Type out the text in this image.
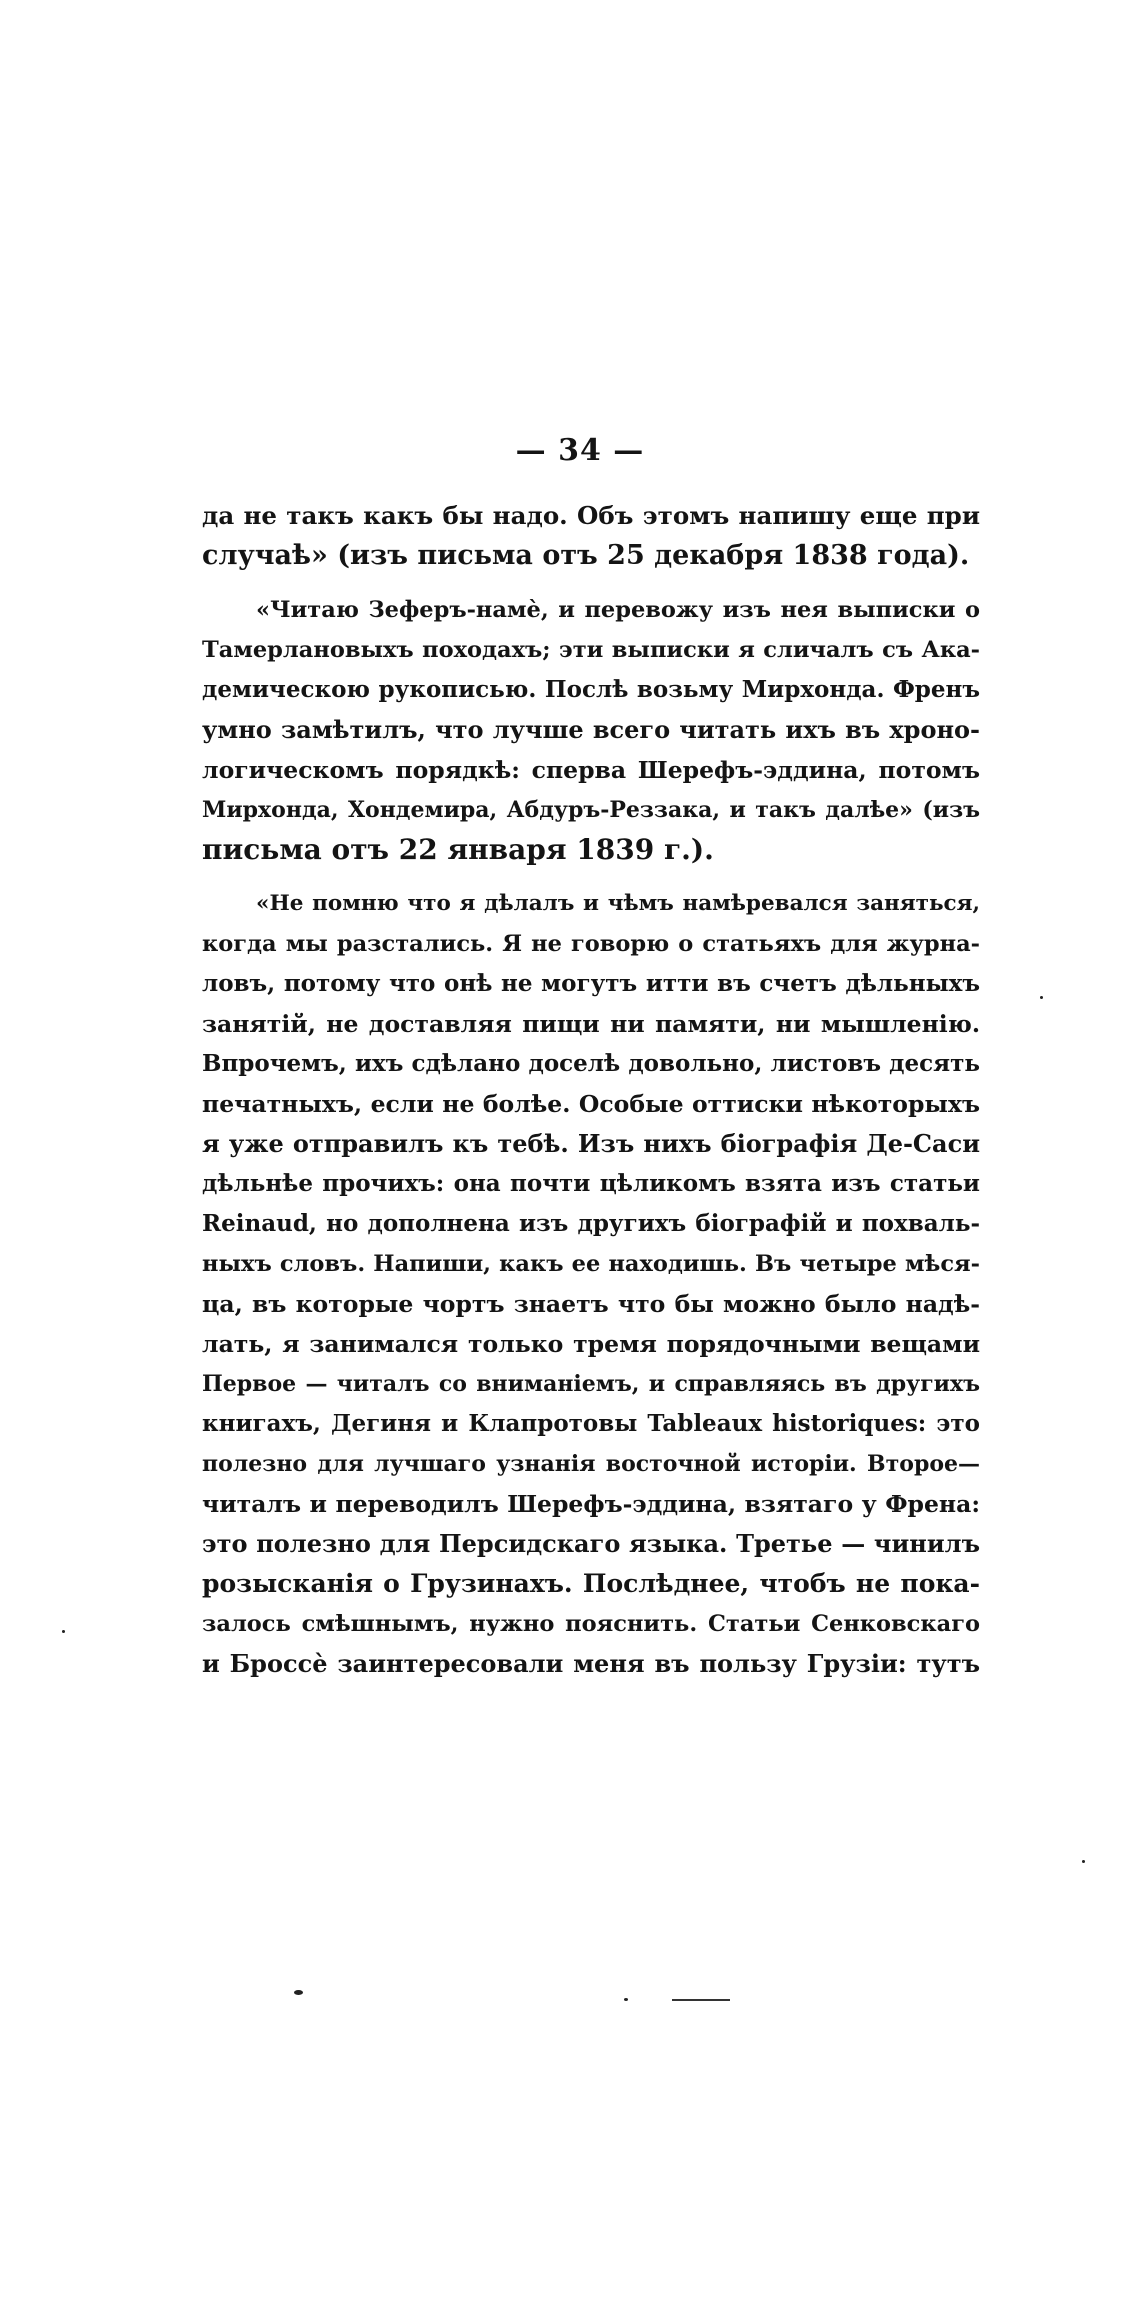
— 34 —

да не такъ какъ бы надо. Объ этомъ напишу еще при
случаѣ» (изъ письма отъ 25 декабря 1838 года).
«Читаю Зеферъ-намѐ, и перевожу изъ нея выписки о
Тамерлановыхъ походахъ; эти выписки я сличалъ съ Ака-
демическою рукописью. Послѣ возьму Мирхонда. Френъ
умно замѣтилъ, что лучше всего читать ихъ въ хроно-
логическомъ порядкѣ: сперва Шерефъ-эддина, потомъ
Мирхонда, Хондемира, Абдуръ-Реззака, и такъ далѣе» (изъ
письма отъ 22 января 1839 г.).
«Не помню что я дѣлалъ и чѣмъ намѣревался заняться,
когда мы разстались. Я не говорю о статьяхъ для журна-
ловъ, потому что онѣ не могутъ итти въ счетъ дѣльныхъ
занятій, не доставляя пищи ни памяти, ни мышленію.
Впрочемъ, ихъ сдѣлано доселѣ довольно, листовъ десять
печатныхъ, если не болѣе. Особые оттиски нѣкоторыхъ
я уже отправилъ къ тебѣ. Изъ нихъ біографія Де-Саси
дѣльнѣе прочихъ: она почти цѣликомъ взята изъ статьи
Reinaud, но дополнена изъ другихъ біографій и похваль-
ныхъ словъ. Напиши, какъ ее находишь. Въ четыре мѣся-
ца, въ которые чортъ знаетъ что бы можно было надѣ-
лать, я занимался только тремя порядочными вещами
Первое — читалъ со вниманіемъ, и справляясь въ другихъ
книгахъ, Дегиня и Клапротовы Tableaux historiques: это
полезно для лучшаго узнанія восточной исторіи. Второе—
читалъ и переводилъ Шерефъ-эддина, взятаго у Френа:
это полезно для Персидскаго языка. Третье — чинилъ
розысканія о Грузинахъ. Послѣднее, чтобъ не пока-
залось смѣшнымъ, нужно пояснить. Статьи Сенковскаго
и Броссѐ заинтересовали меня въ пользу Грузіи: тутъ
